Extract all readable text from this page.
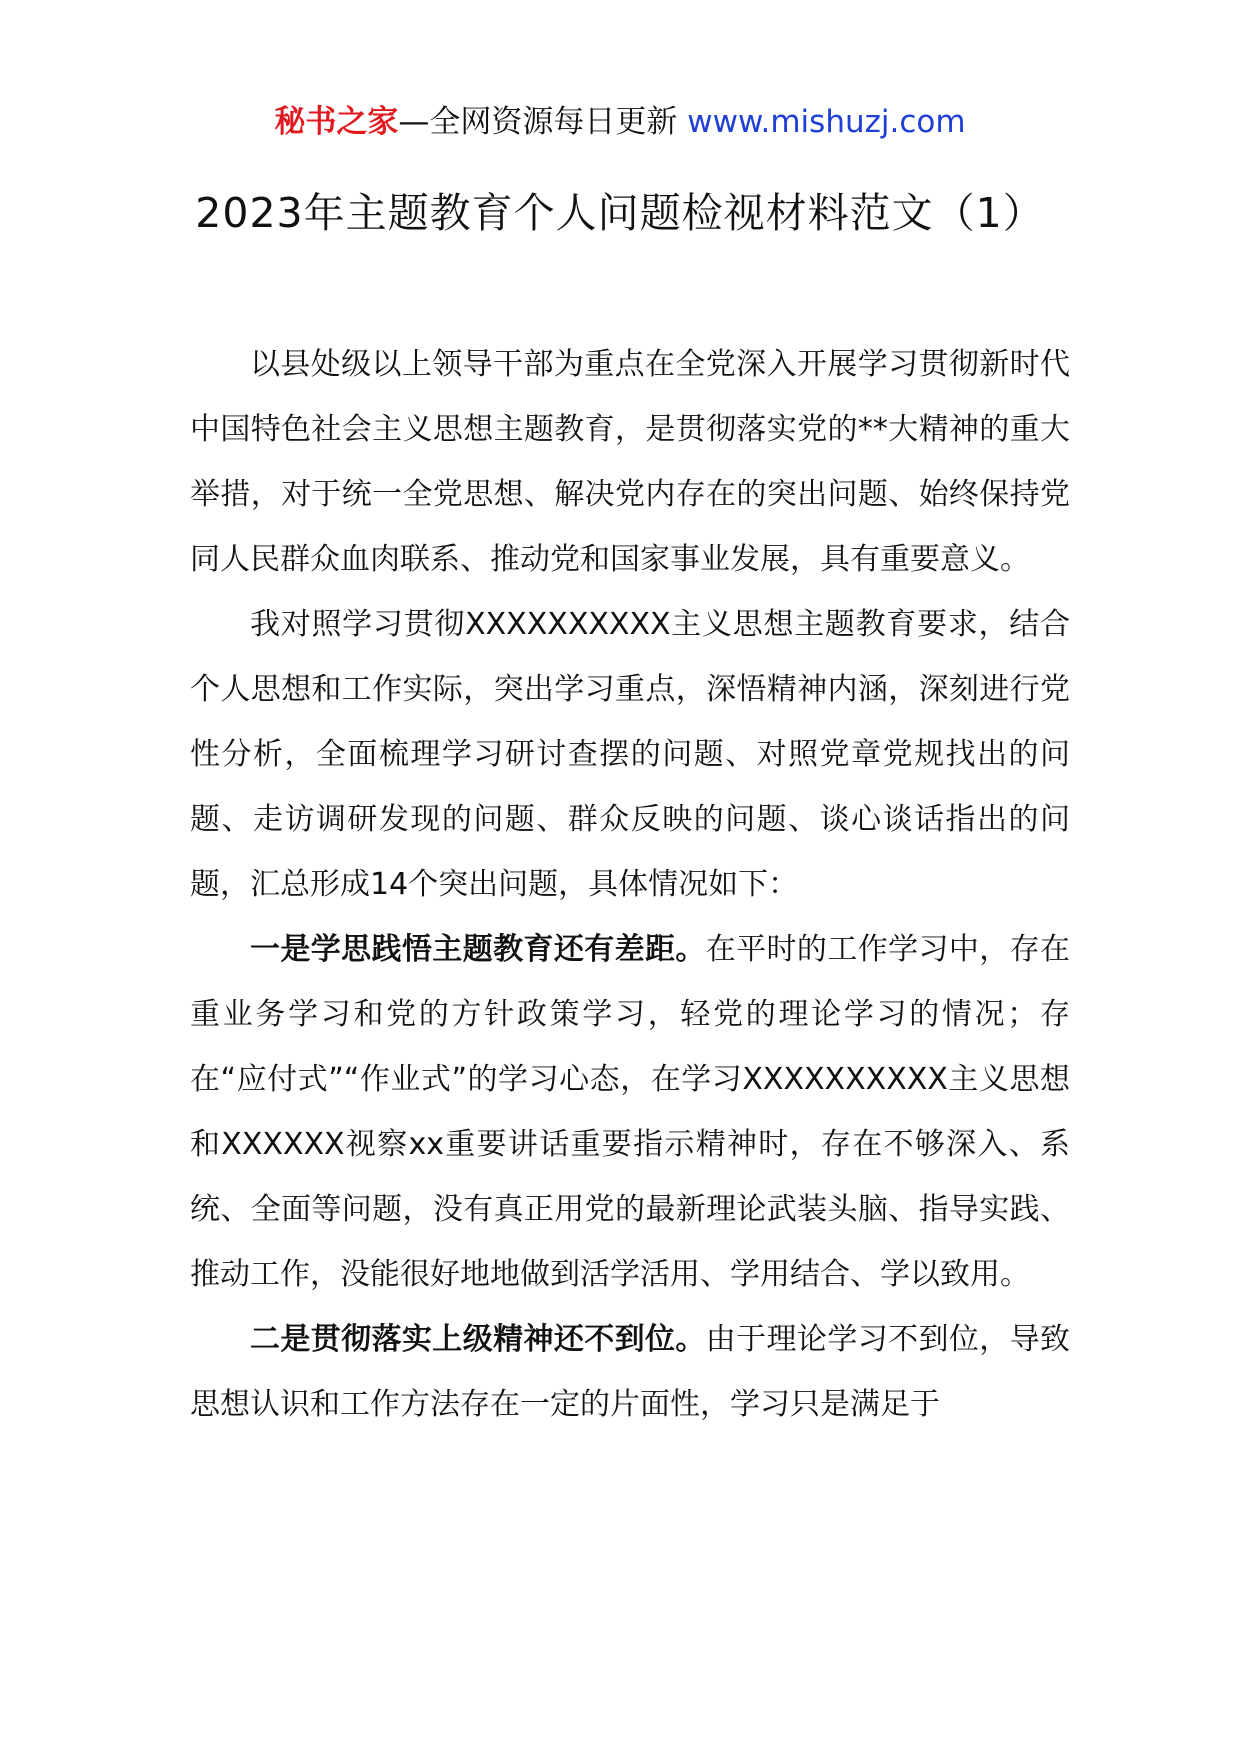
秘书之家—全网资源每日更新 www.mishuzj.com
2023年主题教育个人问题检视材料范文（1）

以县处级以上领导干部为重点在全党深入开展学习贯彻新时代中国特色社会主义思想主题教育，是贯彻落实党的**大精神的重大举措，对于统一全党思想、解决党内存在的突出问题、始终保持党同人民群众血肉联系、推动党和国家事业发展，具有重要意义。

我对照学习贯彻XXXXXXXXXX主义思想主题教育要求，结合个人思想和工作实际，突出学习重点，深悟精神内涵，深刻进行党性分析，全面梳理学习研讨查摆的问题、对照党章党规找出的问题、走访调研发现的问题、群众反映的问题、谈心谈话指出的问题，汇总形成14个突出问题，具体情况如下：

一是学思践悟主题教育还有差距。在平时的工作学习中，存在重业务学习和党的方针政策学习，轻党的理论学习的情况；存在“应付式”“作业式”的学习心态，在学习XXXXXXXXXX主义思想和XXXXXX视察xx重要讲话重要指示精神时，存在不够深入、系统、全面等问题，没有真正用党的最新理论武装头脑、指导实践、推动工作，没能很好地地做到活学活用、学用结合、学以致用。

二是贯彻落实上级精神还不到位。由于理论学习不到位，导致思想认识和工作方法存在一定的片面性，学习只是满足于
